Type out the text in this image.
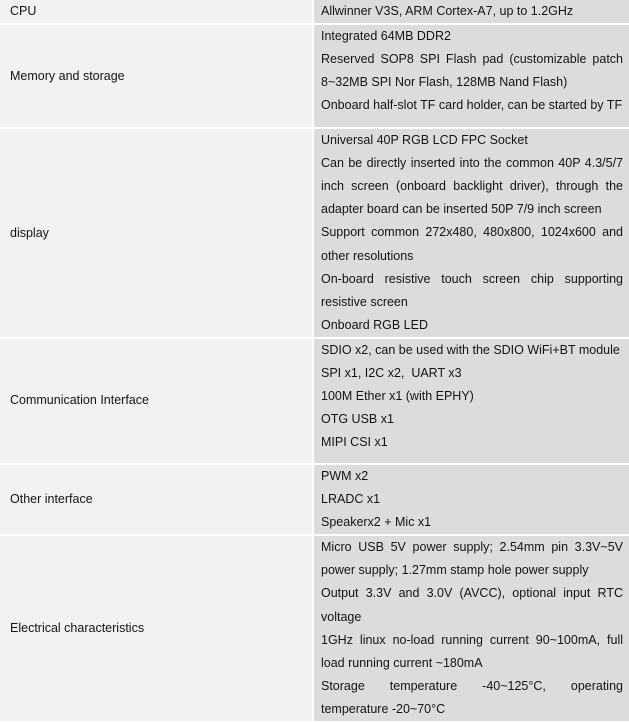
CPU	Allwinner V3S, ARM Cortex-A7, up to 1.2GHz

Memory and storage	Integrated 64MB DDR2
Reserved SOP8 SPI Flash pad (customizable patch 8~32MB SPI Nor Flash, 128MB Nand Flash)
Onboard half-slot TF card holder, can be started by TF

display	Universal 40P RGB LCD FPC Socket
Can be directly inserted into the common 40P 4.3/5/7 inch screen (onboard backlight driver), through the adapter board can be inserted 50P 7/9 inch screen
Support common 272x480, 480x800, 1024x600 and other resolutions
On-board resistive touch screen chip supporting resistive screen
Onboard RGB LED

Communication Interface	SDIO x2, can be used with the SDIO WiFi+BT module
SPI x1, I2C x2,  UART x3
100M Ether x1 (with EPHY)
OTG USB x1
MIPI CSI x1

Other interface	PWM x2
LRADC x1
Speakerx2 + Mic x1

Electrical characteristics	Micro USB 5V power supply; 2.54mm pin 3.3V~5V power supply; 1.27mm stamp hole power supply
Output 3.3V and 3.0V (AVCC), optional input RTC voltage
1GHz linux no-load running current 90~100mA, full load running current ~180mA
Storage temperature -40~125°C, operating temperature -20~70°C
